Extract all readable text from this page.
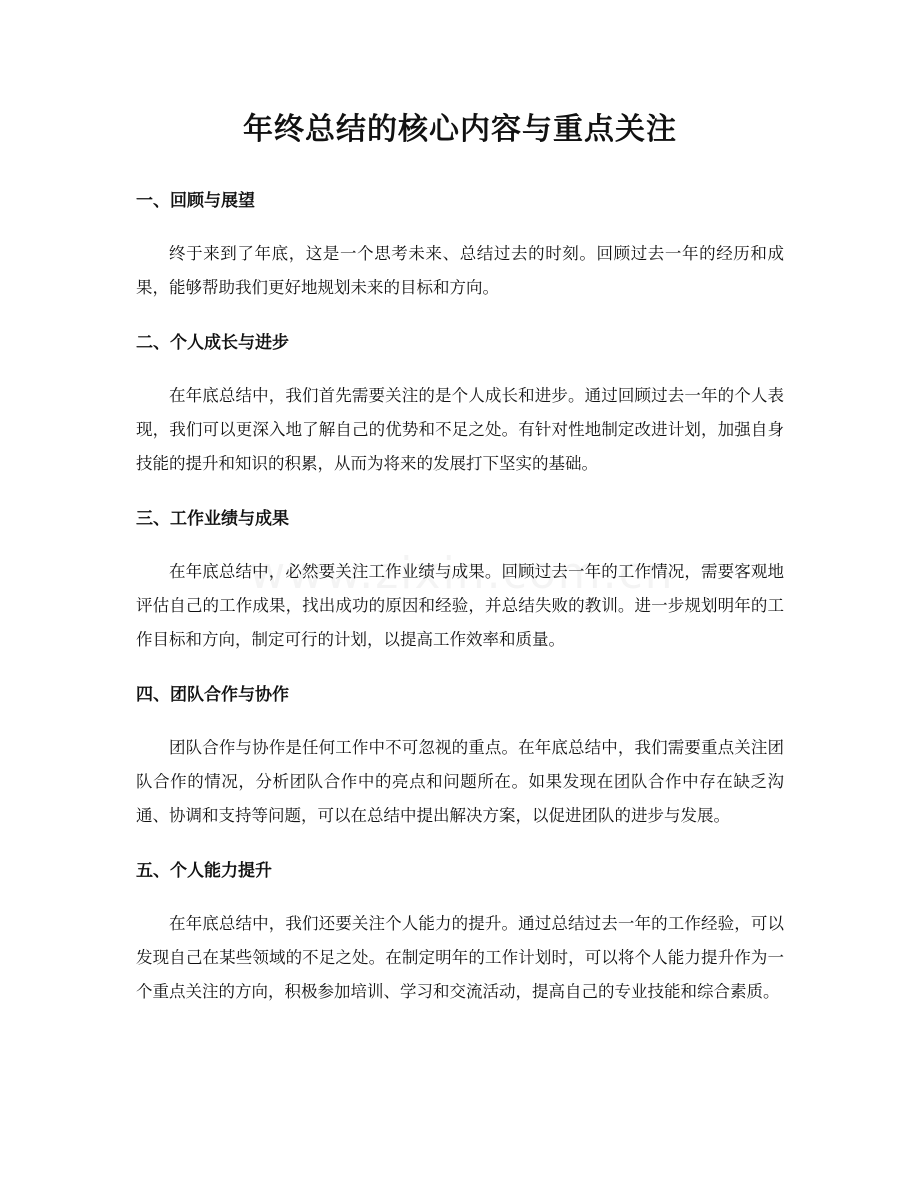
年终总结的核心内容与重点关注
一、回顾与展望

终于来到了年底，这是一个思考未来、总结过去的时刻。回顾过去一年的经历和成果，能够帮助我们更好地规划未来的目标和方向。

二、个人成长与进步

在年底总结中，我们首先需要关注的是个人成长和进步。通过回顾过去一年的个人表现，我们可以更深入地了解自己的优势和不足之处。有针对性地制定改进计划，加强自身技能的提升和知识的积累，从而为将来的发展打下坚实的基础。

三、工作业绩与成果

在年底总结中，必然要关注工作业绩与成果。回顾过去一年的工作情况，需要客观地评估自己的工作成果，找出成功的原因和经验，并总结失败的教训。进一步规划明年的工作目标和方向，制定可行的计划，以提高工作效率和质量。

四、团队合作与协作

团队合作与协作是任何工作中不可忽视的重点。在年底总结中，我们需要重点关注团队合作的情况，分析团队合作中的亮点和问题所在。如果发现在团队合作中存在缺乏沟通、协调和支持等问题，可以在总结中提出解决方案，以促进团队的进步与发展。

五、个人能力提升

在年底总结中，我们还要关注个人能力的提升。通过总结过去一年的工作经验，可以发现自己在某些领域的不足之处。在制定明年的工作计划时，可以将个人能力提升作为一个重点关注的方向，积极参加培训、学习和交流活动，提高自己的专业技能和综合素质。
